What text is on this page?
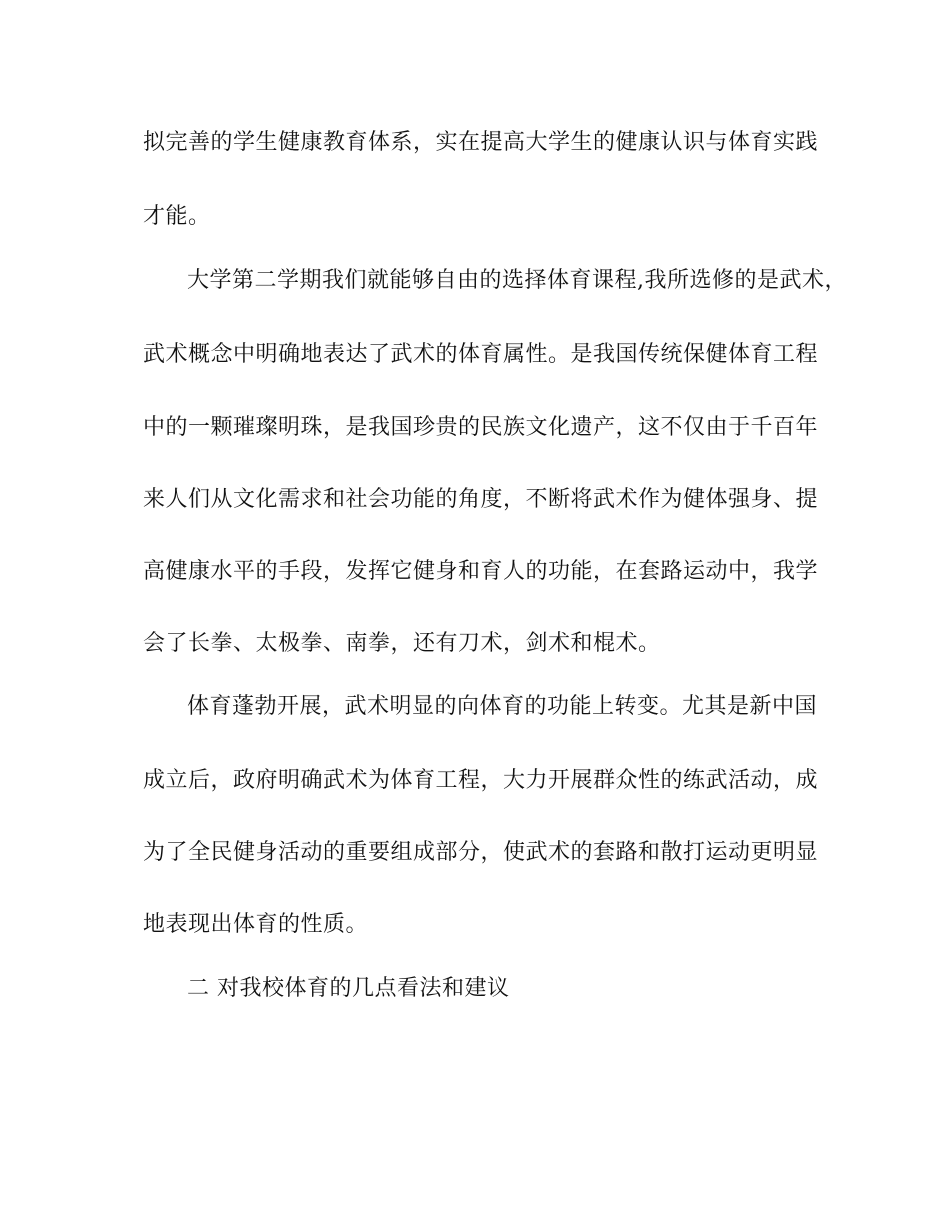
拟完善的学生健康教育体系，实在提高大学生的健康认识与体育实践
才能。
大学第二学期我们就能够自由的选择体育课程,我所选修的是武术，
武术概念中明确地表达了武术的体育属性。是我国传统保健体育工程
中的一颗璀璨明珠，是我国珍贵的民族文化遗产，这不仅由于千百年
来人们从文化需求和社会功能的角度，不断将武术作为健体强身、提
高健康水平的手段，发挥它健身和育人的功能，在套路运动中，我学
会了长拳、太极拳、南拳，还有刀术，剑术和棍术。
体育蓬勃开展，武术明显的向体育的功能上转变。尤其是新中国
成立后，政府明确武术为体育工程，大力开展群众性的练武活动，成
为了全民健身活动的重要组成部分，使武术的套路和散打运动更明显
地表现出体育的性质。
二 对我校体育的几点看法和建议
